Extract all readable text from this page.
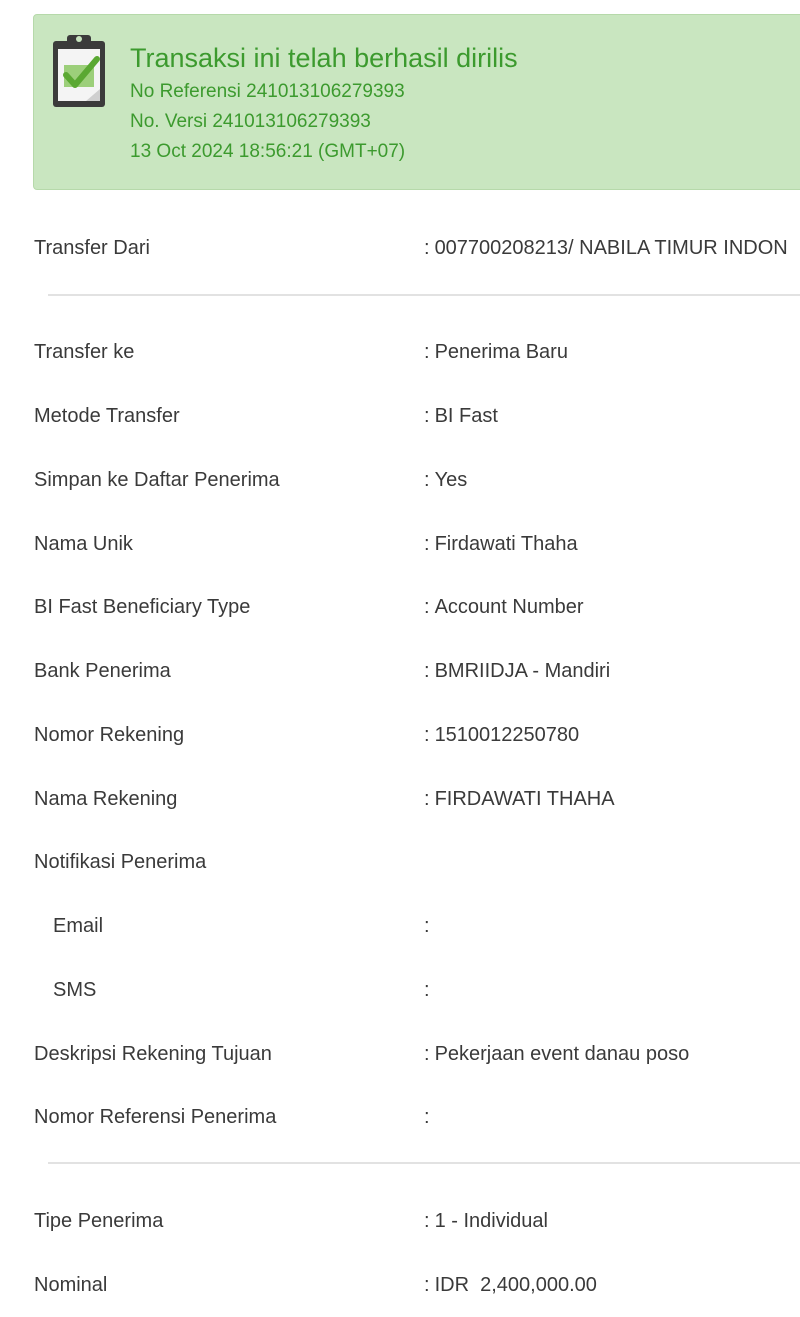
Transaksi ini telah berhasil dirilis
No Referensi 241013106279393
No. Versi 241013106279393
13 Oct 2024 18:56:21 (GMT+07)
Transfer Dari	: 007700208213/ NABILA TIMUR INDON
Transfer ke	: Penerima Baru
Metode Transfer	: BI Fast
Simpan ke Daftar Penerima	: Yes
Nama Unik	: Firdawati Thaha
BI Fast Beneficiary Type	: Account Number
Bank Penerima	: BMRIIDJA - Mandiri
Nomor Rekening	: 1510012250780
Nama Rekening	: FIRDAWATI THAHA
Notifikasi Penerima
Email	:
SMS	:
Deskripsi Rekening Tujuan	: Pekerjaan event danau poso
Nomor Referensi Penerima	:
Tipe Penerima	: 1 - Individual
Nominal	: IDR  2,400,000.00
